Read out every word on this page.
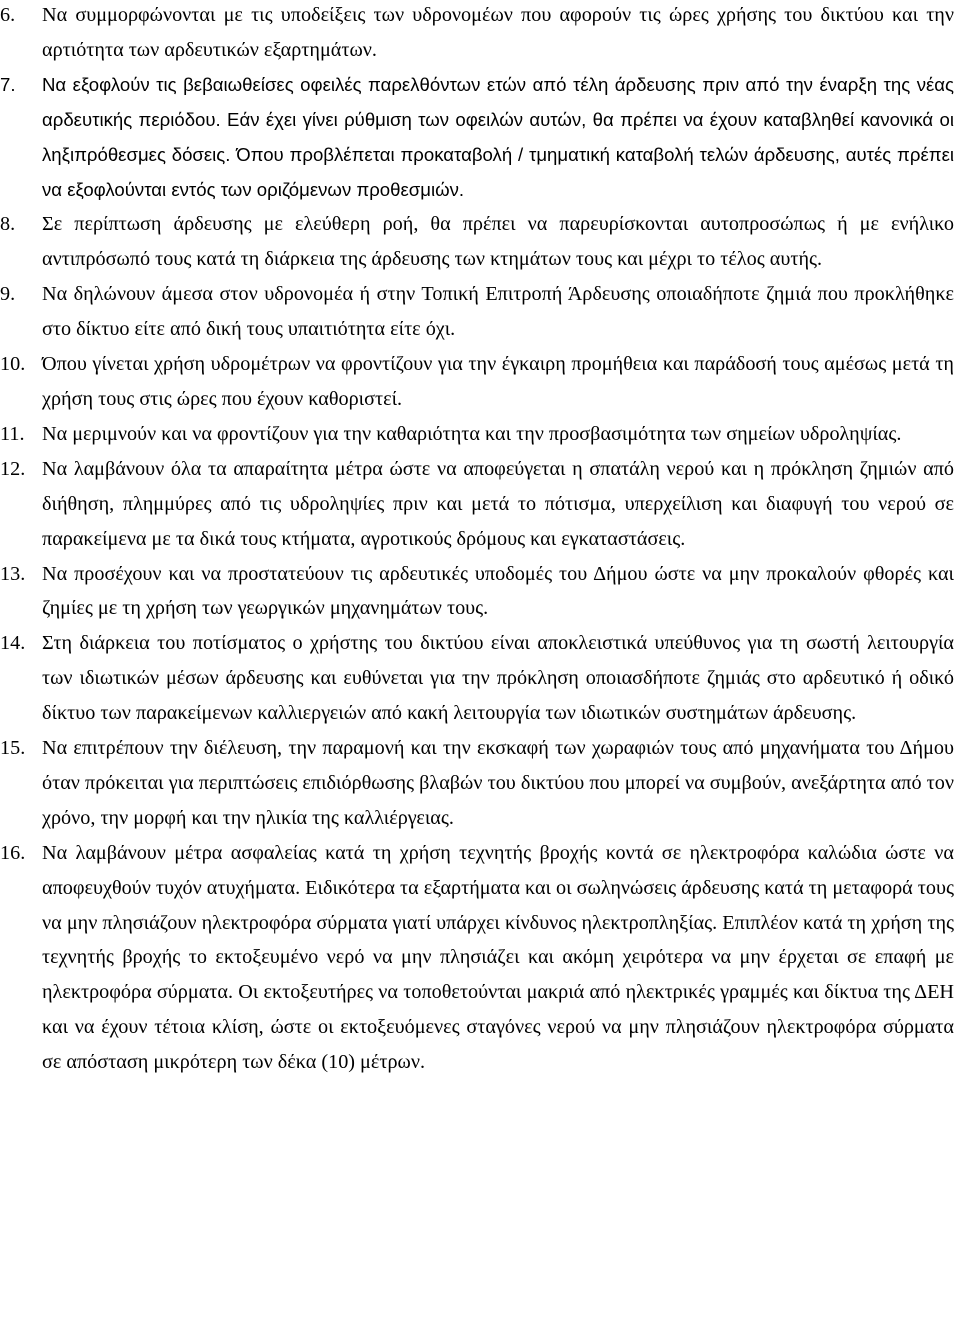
6.	Να συμμορφώνονται με τις υποδείξεις των υδρονομέων που αφορούν τις ώρες χρήσης του δικτύου και την αρτιότητα των αρδευτικών εξαρτημάτων.
7.	Να εξοφλούν τις βεβαιωθείσες οφειλές παρελθόντων ετών από τέλη άρδευσης πριν από την έναρξη της νέας αρδευτικής περιόδου. Εάν έχει γίνει ρύθμιση των οφειλών αυτών, θα πρέπει να έχουν καταβληθεί κανονικά οι ληξιπρόθεσμες δόσεις. Όπου προβλέπεται προκαταβολή / τμηματική καταβολή τελών άρδευσης, αυτές πρέπει να εξοφλούνται εντός των οριζόμενων προθεσμιών.
8.	Σε περίπτωση άρδευσης με ελεύθερη ροή, θα πρέπει να παρευρίσκονται αυτοπροσώπως ή με ενήλικο αντιπρόσωπό τους κατά τη διάρκεια της άρδευσης των κτημάτων τους και μέχρι το τέλος αυτής.
9.	Να δηλώνουν άμεσα στον υδρονομέα ή στην Τοπική Επιτροπή Άρδευσης οποιαδήποτε ζημιά που προκλήθηκε στο δίκτυο είτε από δική τους υπαιτιότητα είτε όχι.
10. Όπου γίνεται χρήση υδρομέτρων να φροντίζουν για την έγκαιρη προμήθεια και παράδοσή τους αμέσως μετά τη χρήση τους στις ώρες που έχουν καθοριστεί.
11. Να μεριμνούν και να φροντίζουν για την καθαριότητα και την προσβασιμότητα των σημείων υδροληψίας.
12. Να λαμβάνουν όλα τα απαραίτητα μέτρα ώστε να αποφεύγεται η σπατάλη νερού και η πρόκληση ζημιών από διήθηση, πλημμύρες από τις υδροληψίες πριν και μετά το πότισμα, υπερχείλιση και διαφυγή του νερού σε παρακείμενα με τα δικά τους κτήματα, αγροτικούς δρόμους και εγκαταστάσεις.
13. Να προσέχουν και να προστατεύουν τις αρδευτικές υποδομές του Δήμου ώστε να μην προκαλούν φθορές και ζημίες με τη χρήση των γεωργικών μηχανημάτων τους.
14. Στη διάρκεια του ποτίσματος ο χρήστης του δικτύου είναι αποκλειστικά υπεύθυνος για τη σωστή λειτουργία των ιδιωτικών μέσων άρδευσης και ευθύνεται για την πρόκληση οποιασδήποτε ζημιάς στο αρδευτικό ή οδικό δίκτυο των παρακείμενων καλλιεργειών από κακή λειτουργία των ιδιωτικών συστημάτων άρδευσης.
15. Να επιτρέπουν την διέλευση, την παραμονή και την εκσκαφή των χωραφιών τους από μηχανήματα του Δήμου όταν πρόκειται για περιπτώσεις επιδιόρθωσης βλαβών του δικτύου που μπορεί να συμβούν, ανεξάρτητα από τον χρόνο, την μορφή και την ηλικία της καλλιέργειας.
16. Να λαμβάνουν μέτρα ασφαλείας κατά τη χρήση τεχνητής βροχής κοντά σε ηλεκτροφόρα καλώδια ώστε να αποφευχθούν τυχόν ατυχήματα. Ειδικότερα τα εξαρτήματα και οι σωληνώσεις άρδευσης κατά τη μεταφορά τους να μην πλησιάζουν ηλεκτροφόρα σύρματα γιατί υπάρχει κίνδυνος ηλεκτροπληξίας. Επιπλέον κατά τη χρήση της τεχνητής βροχής το εκτοξευμένο νερό να μην πλησιάζει και ακόμη χειρότερα να μην έρχεται σε επαφή με ηλεκτροφόρα σύρματα. Οι εκτοξευτήρες να τοποθετούνται μακριά από ηλεκτρικές γραμμές και δίκτυα της ΔΕΗ και να έχουν τέτοια κλίση, ώστε οι εκτοξευόμενες σταγόνες νερού να μην πλησιάζουν ηλεκτροφόρα σύρματα σε απόσταση μικρότερη των δέκα (10) μέτρων.
